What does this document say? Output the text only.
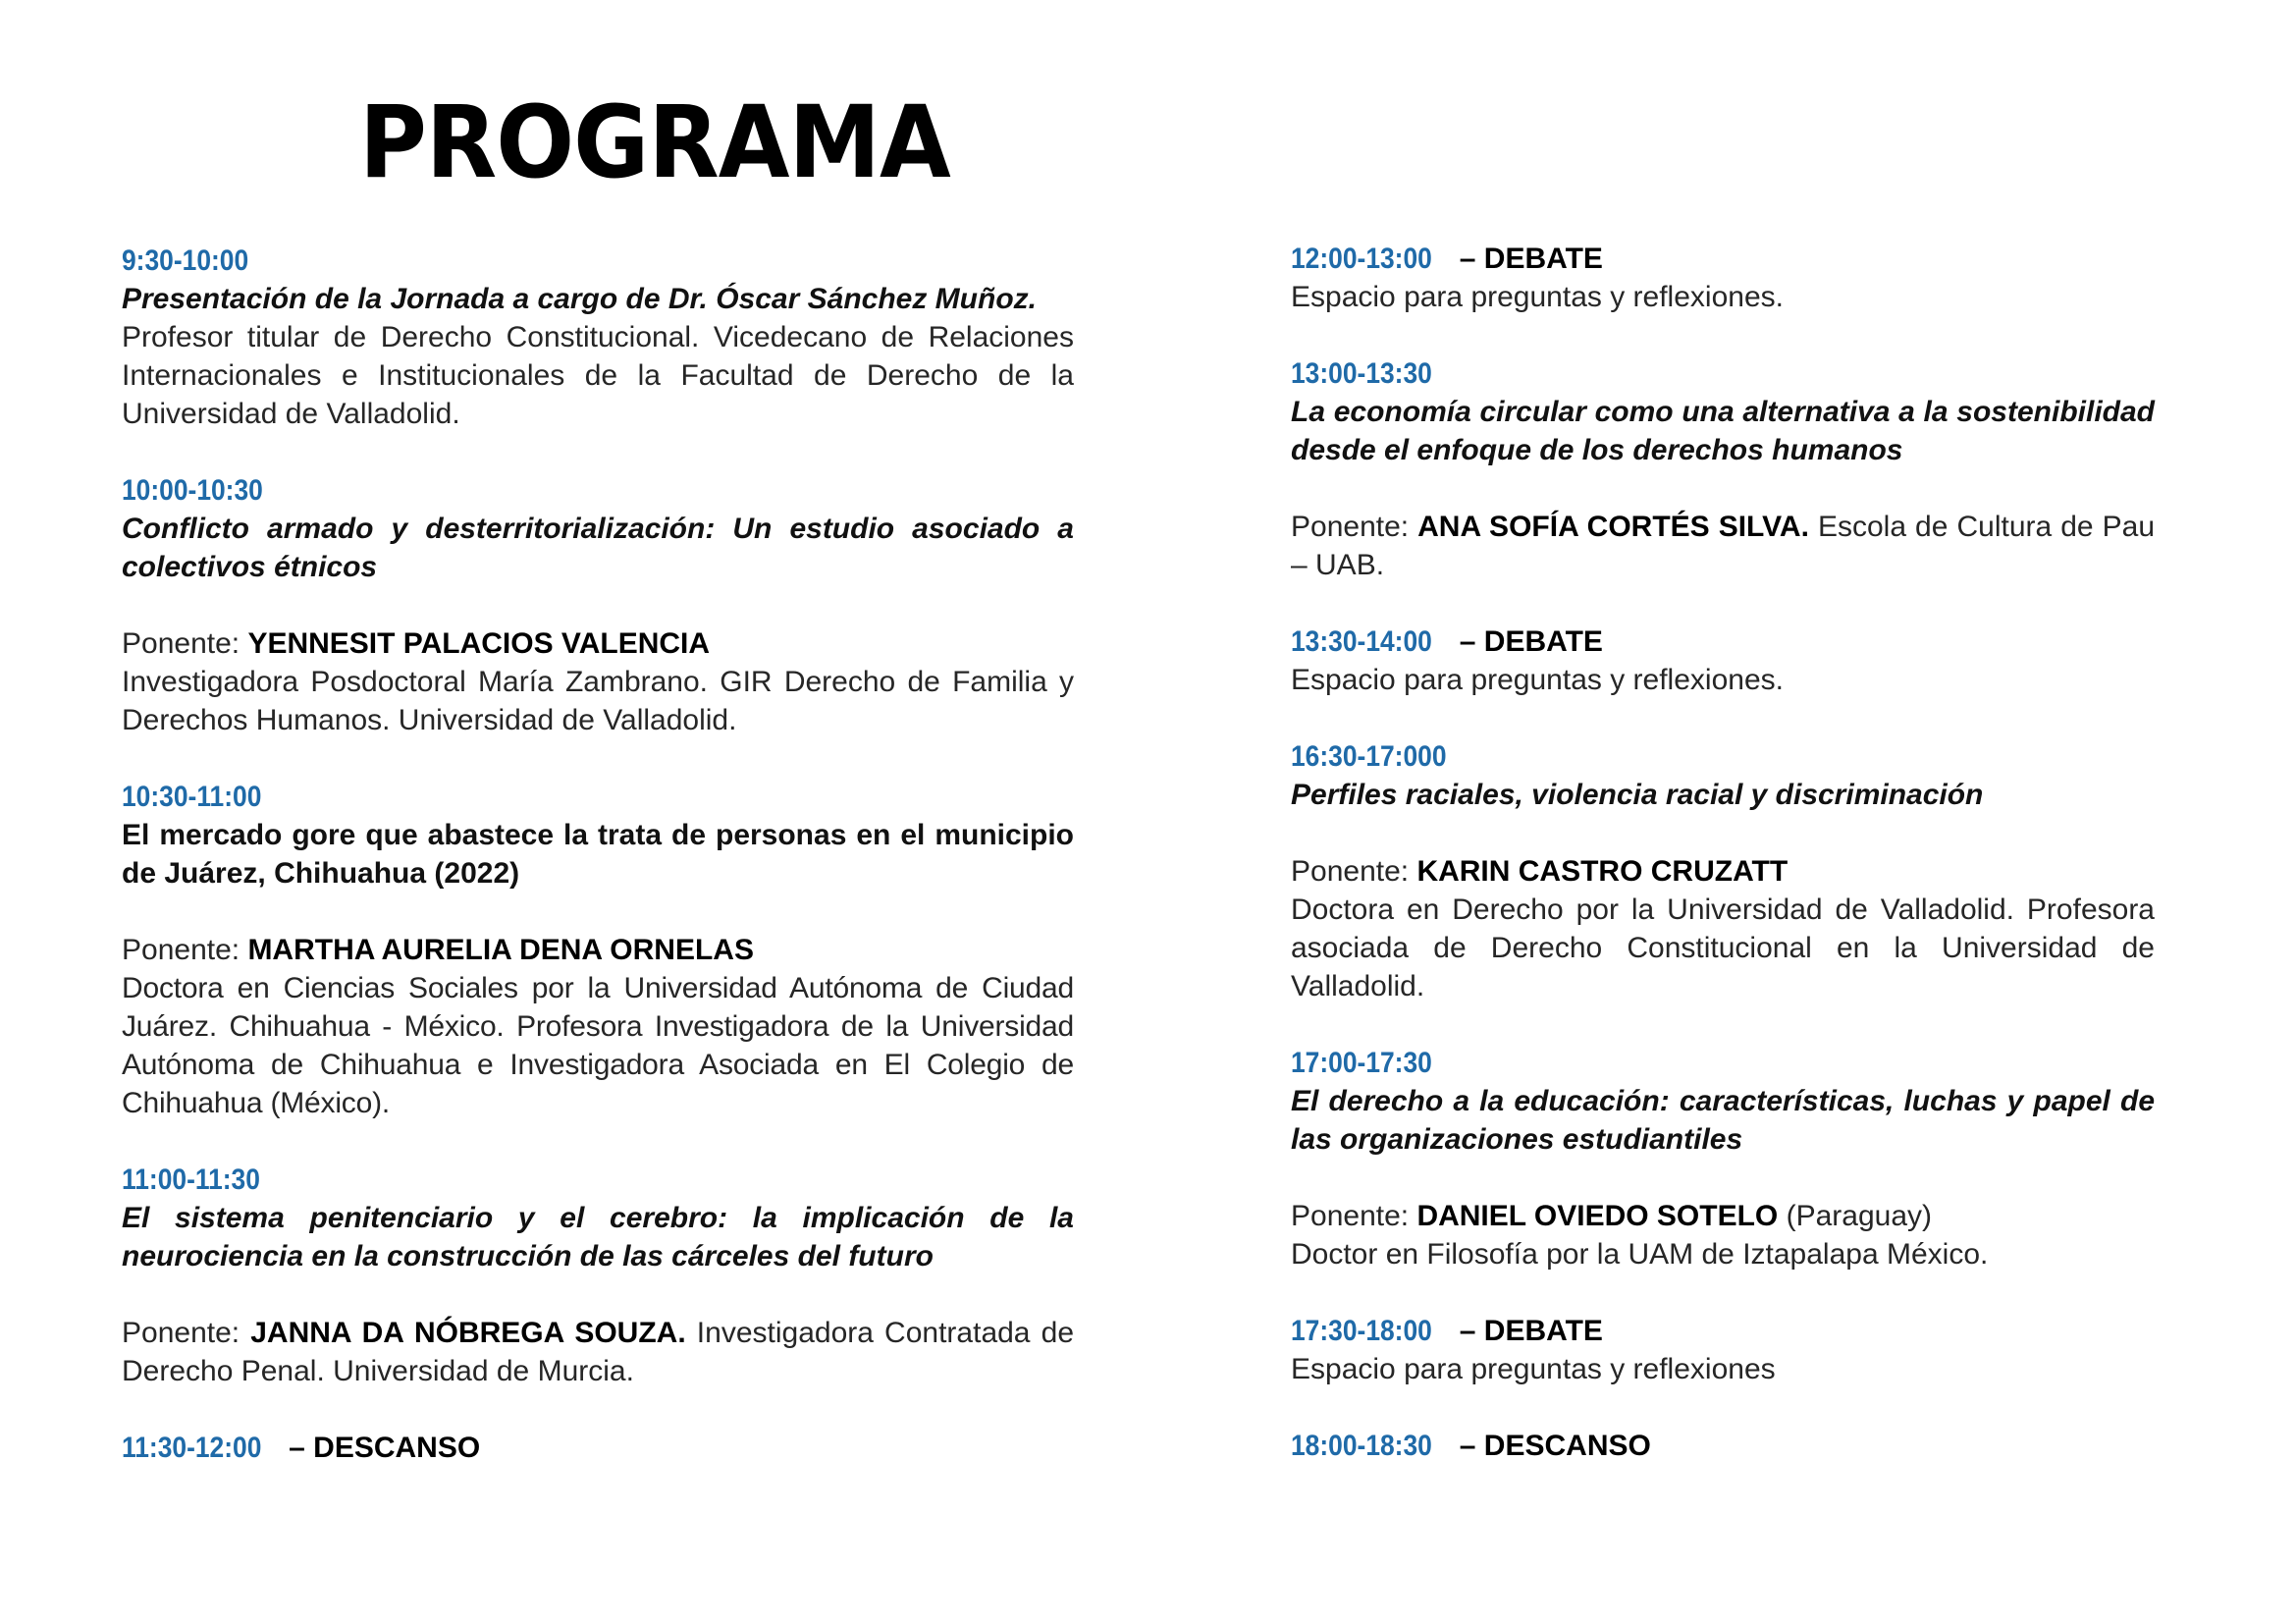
PROGRAMA

9:30-10:00

Presentación de la Jornada a cargo de Dr. Óscar Sánchez Muñoz.

Profesor titular de Derecho Constitucional. Vicedecano de Relaciones Internacionales e Institucionales de la Facultad de Derecho de la Universidad de Valladolid.

10:00-10:30

Conflicto armado y desterritorialización: Un estudio asociado a colectivos étnicos

Ponente: YENNESIT PALACIOS VALENCIA

Investigadora Posdoctoral María Zambrano. GIR Derecho de Familia y Derechos Humanos. Universidad de Valladolid.

10:30-11:00

El mercado gore que abastece la trata de personas en el municipio de Juárez, Chihuahua (2022)

Ponente: MARTHA AURELIA DENA ORNELAS

Doctora en Ciencias Sociales por la Universidad Autónoma de Ciudad Juárez. Chihuahua - México. Profesora Investigadora de la Universidad Autónoma de Chihuahua e Investigadora Asociada en El Colegio de Chihuahua (México).

11:00-11:30

El sistema penitenciario y el cerebro: la implicación de la neurociencia en la construcción de las cárceles del futuro

Ponente: JANNA DA NÓBREGA SOUZA. Investigadora Contratada de Derecho Penal. Universidad de Murcia.

11:30-12:00 – DESCANSO

12:00-13:00 – DEBATE

Espacio para preguntas y reflexiones.

13:00-13:30

La economía circular como una alternativa a la sostenibilidad desde el enfoque de los derechos humanos

Ponente: ANA SOFÍA CORTÉS SILVA. Escola de Cultura de Pau – UAB.

13:30-14:00 – DEBATE

Espacio para preguntas y reflexiones.

16:30-17:000

Perfiles raciales, violencia racial y discriminación

Ponente: KARIN CASTRO CRUZATT

Doctora en Derecho por la Universidad de Valladolid. Profesora asociada de Derecho Constitucional en la Universidad de Valladolid.

17:00-17:30

El derecho a la educación: características, luchas y papel de las organizaciones estudiantiles

Ponente: DANIEL OVIEDO SOTELO (Paraguay)

Doctor en Filosofía por la UAM de Iztapalapa México.

17:30-18:00 – DEBATE

Espacio para preguntas y reflexiones

18:00-18:30 – DESCANSO
